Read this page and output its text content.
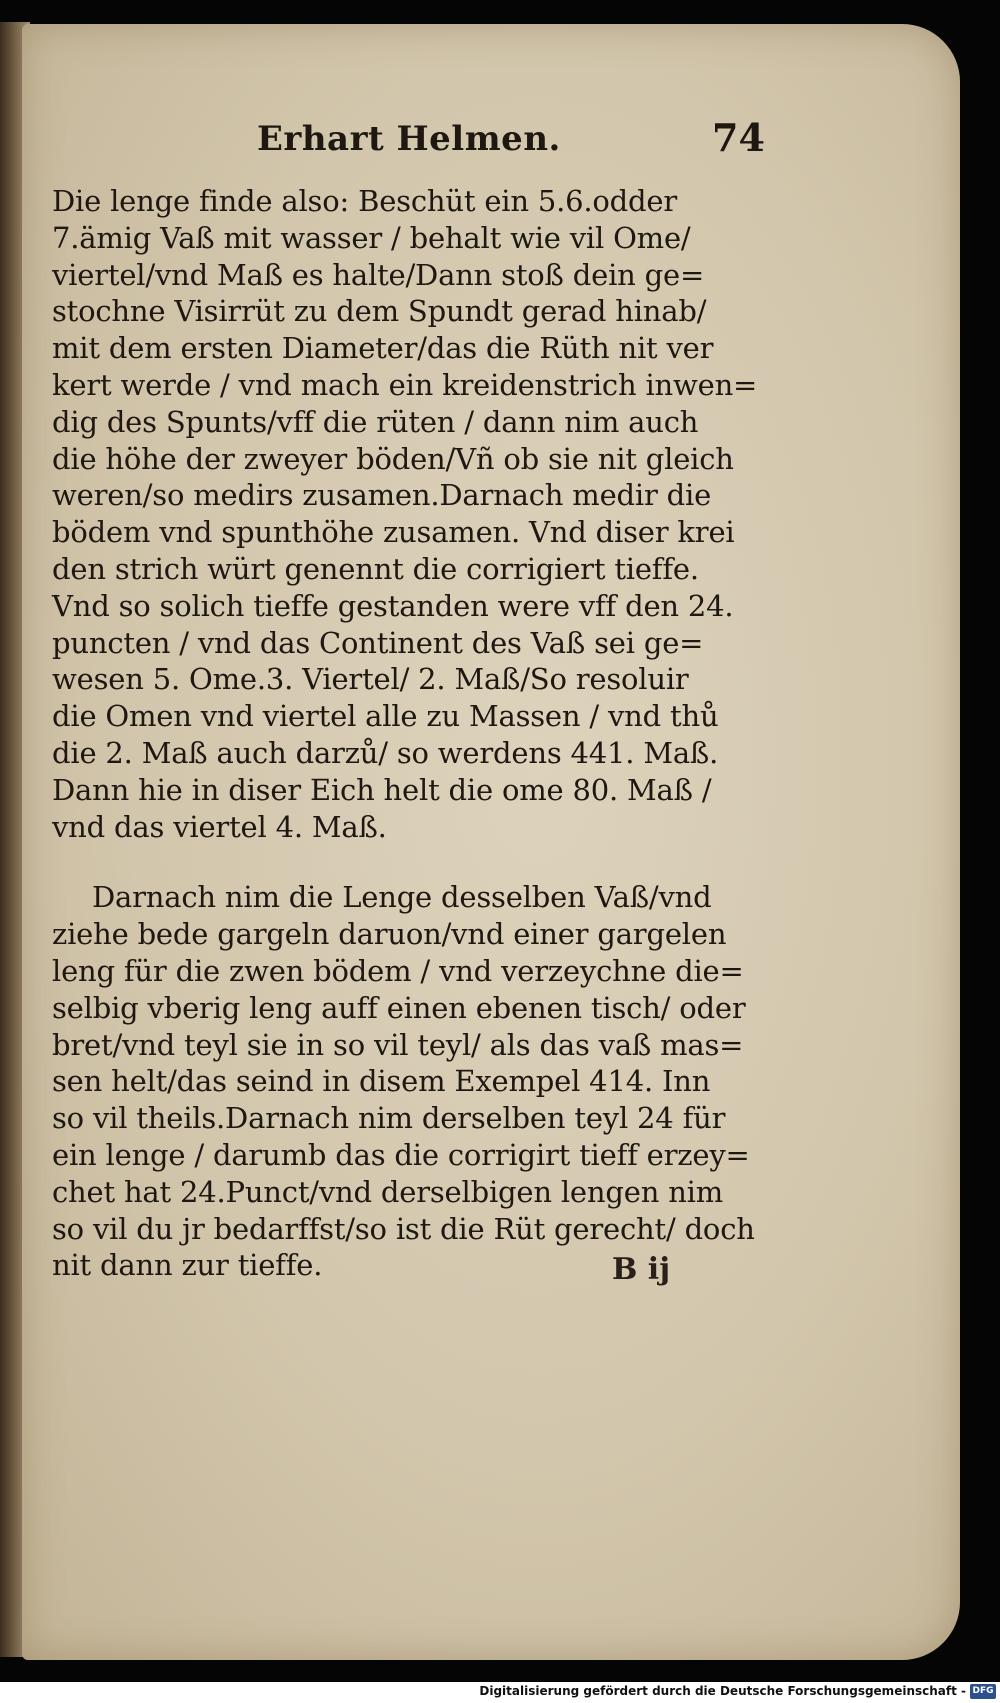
Erhart Helmen.	74
Die lenge finde also: Beschüt ein 5.6.odder
7.ämig Vaß mit wasser / behalt wie vil Ome/
viertel/vnd Maß es halte/Dann stoß dein ge=
stochne Visirrüt zu dem Spundt gerad hinab/
mit dem ersten Diameter/das die Rüth nit ver
kert werde / vnd mach ein kreidenstrich inwen=
dig des Spunts/vff die rüten / dann nim auch
die höhe der zweyer böden/Vñ ob sie nit gleich
weren/so medirs zusamen.Darnach medir die
bödem vnd spunthöhe zusamen. Vnd diser krei
den strich würt genennt die corrigiert tieffe.
Vnd so solich tieffe gestanden were vff den 24.
puncten / vnd das Continent des Vaß sei ge=
wesen 5. Ome.3. Viertel/ 2. Maß/So resoluir
die Omen vnd viertel alle zu Massen / vnd thů
die 2. Maß auch darzů/ so werdens 441. Maß.
Dann hie in diser Eich helt die ome 80. Maß /
vnd das viertel 4. Maß.
Darnach nim die Lenge desselben Vaß/vnd
ziehe bede gargeln daruon/vnd einer gargelen
leng für die zwen bödem / vnd verzeychne die=
selbig vberig leng auff einen ebenen tisch/ oder
bret/vnd teyl sie in so vil teyl/ als das vaß mas=
sen helt/das seind in disem Exempel 414. Inn
so vil theils.Darnach nim derselben teyl 24 für
ein lenge / darumb das die corrigirt tieff erzey=
chet hat 24.Punct/vnd derselbigen lengen nim
so vil du jr bedarffst/so ist die Rüt gerecht/ doch
nit dann zur tieffe.	B ij
Digitalisierung gefördert durch die Deutsche Forschungsgemeinschaft - DFG
